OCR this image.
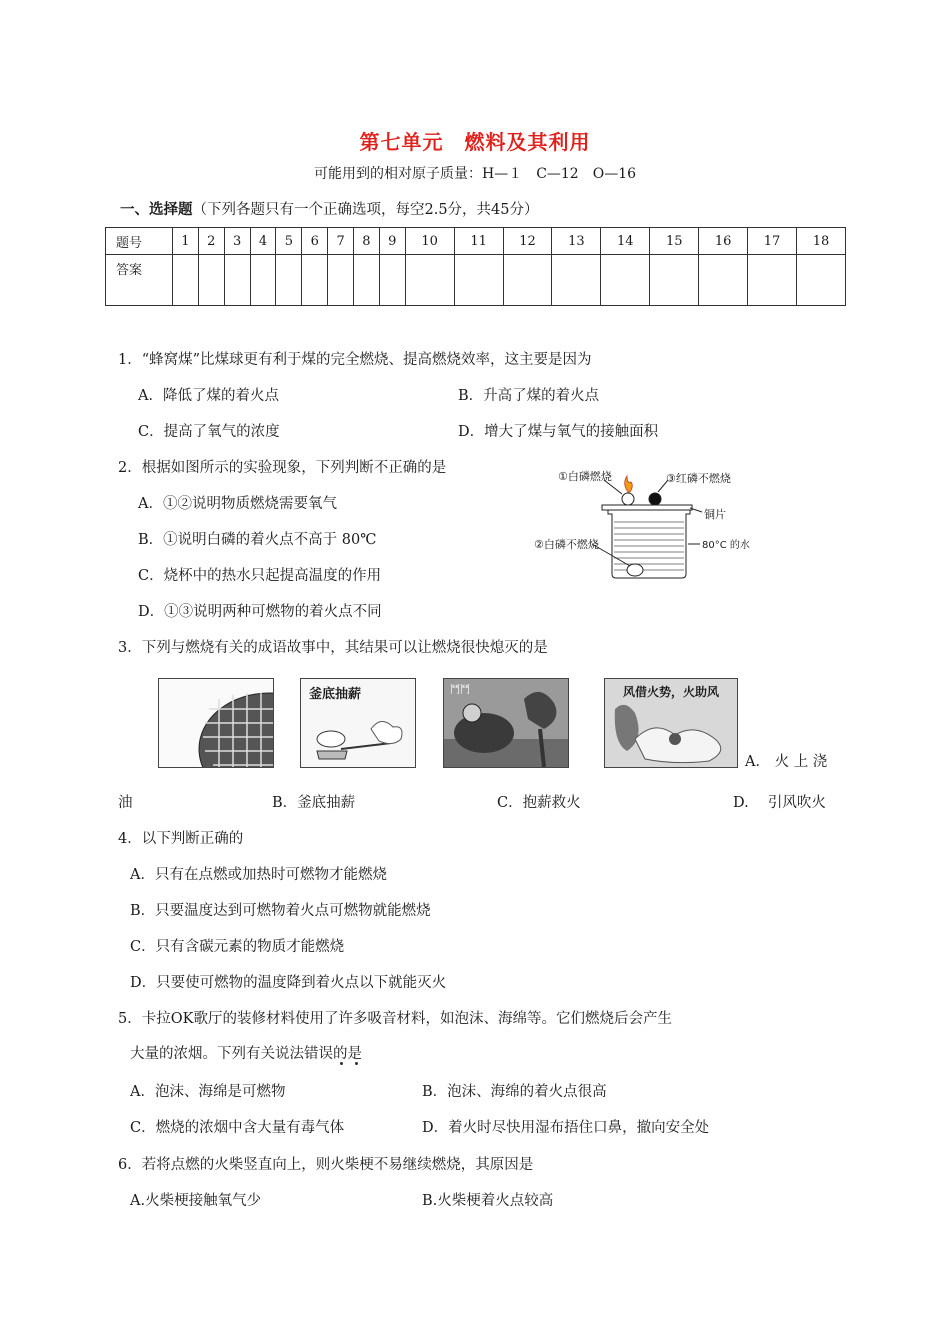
第七单元　燃料及其利用
可能用到的相对原子质量：H—１　C—12　O—16
一、选择题（下列各题只有一个正确选项，每空2.5分，共45分）
题号	1	2	3	4	5	6	7	8	9	10	11	12	13	14	15	16	17	18
答案																		
1．“蜂窝煤”比煤球更有利于煤的完全燃烧、提高燃烧效率，这主要是因为
A．降低了煤的着火点	B．升高了煤的着火点
C．提高了氧气的浓度	D．增大了煤与氧气的接触面积
2．根据如图所示的实验现象，下列判断不正确的是
A．①②说明物质燃烧需要氧气
B．①说明白磷的着火点不高于 80℃
C．烧杯中的热水只起提高温度的作用
D．①③说明两种可燃物的着火点不同
①白磷燃烧	③红磷不燃烧
铜片
②白磷不燃烧	80°C 的水
3．下列与燃烧有关的成语故事中，其结果可以让燃烧很快熄灭的是
釜底抽薪	鬥鬥	风借火势，火助风
A． 火 上 浇
油	B．釜底抽薪	C．抱薪救火	D.　 引风吹火
4．以下判断正确的
A．只有在点燃或加热时可燃物才能燃烧
B．只要温度达到可燃物着火点可燃物就能燃烧
C．只有含碳元素的物质才能燃烧
D．只要使可燃物的温度降到着火点以下就能灭火
5．卡拉OK歌厅的装修材料使用了许多吸音材料，如泡沫、海绵等。它们燃烧后会产生
大量的浓烟。下列有关说法错误的是
A．泡沫、海绵是可燃物	B．泡沫、海绵的着火点很高
C．燃烧的浓烟中含大量有毒气体	D．着火时尽快用湿布捂住口鼻，撤向安全处
6．若将点燃的火柴竖直向上，则火柴梗不易继续燃烧，其原因是
A.火柴梗接触氧气少	B.火柴梗着火点较高
